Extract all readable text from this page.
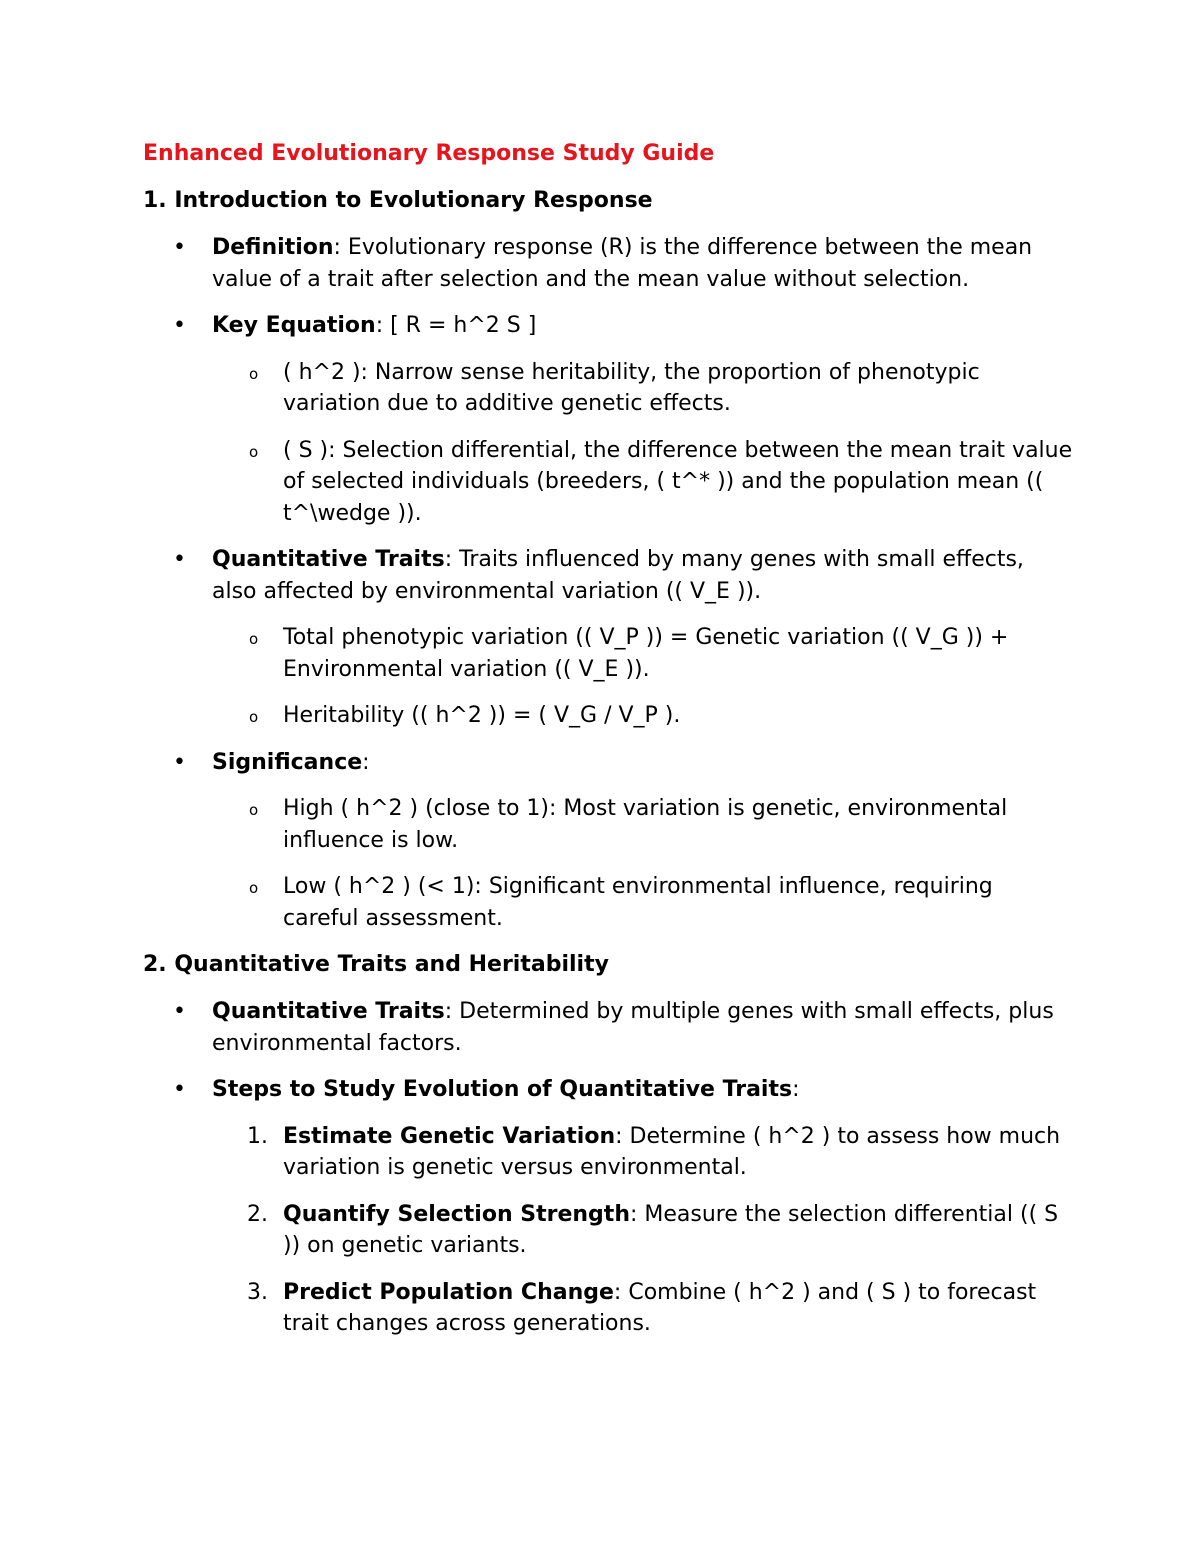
Enhanced Evolutionary Response Study Guide
1. Introduction to Evolutionary Response
• Definition: Evolutionary response (R) is the difference between the mean value of a trait after selection and the mean value without selection.
• Key Equation: [ R = h^2 S ]
o ( h^2 ): Narrow sense heritability, the proportion of phenotypic variation due to additive genetic effects.
o ( S ): Selection differential, the difference between the mean trait value of selected individuals (breeders, ( t^* )) and the population mean (( t^\wedge )).
• Quantitative Traits: Traits influenced by many genes with small effects, also affected by environmental variation (( V_E )).
o Total phenotypic variation (( V_P )) = Genetic variation (( V_G )) + Environmental variation (( V_E )).
o Heritability (( h^2 )) = ( V_G / V_P ).
• Significance:
o High ( h^2 ) (close to 1): Most variation is genetic, environmental influence is low.
o Low ( h^2 ) (< 1): Significant environmental influence, requiring careful assessment.
2. Quantitative Traits and Heritability
• Quantitative Traits: Determined by multiple genes with small effects, plus environmental factors.
• Steps to Study Evolution of Quantitative Traits:
1. Estimate Genetic Variation: Determine ( h^2 ) to assess how much variation is genetic versus environmental.
2. Quantify Selection Strength: Measure the selection differential (( S )) on genetic variants.
3. Predict Population Change: Combine ( h^2 ) and ( S ) to forecast trait changes across generations.
